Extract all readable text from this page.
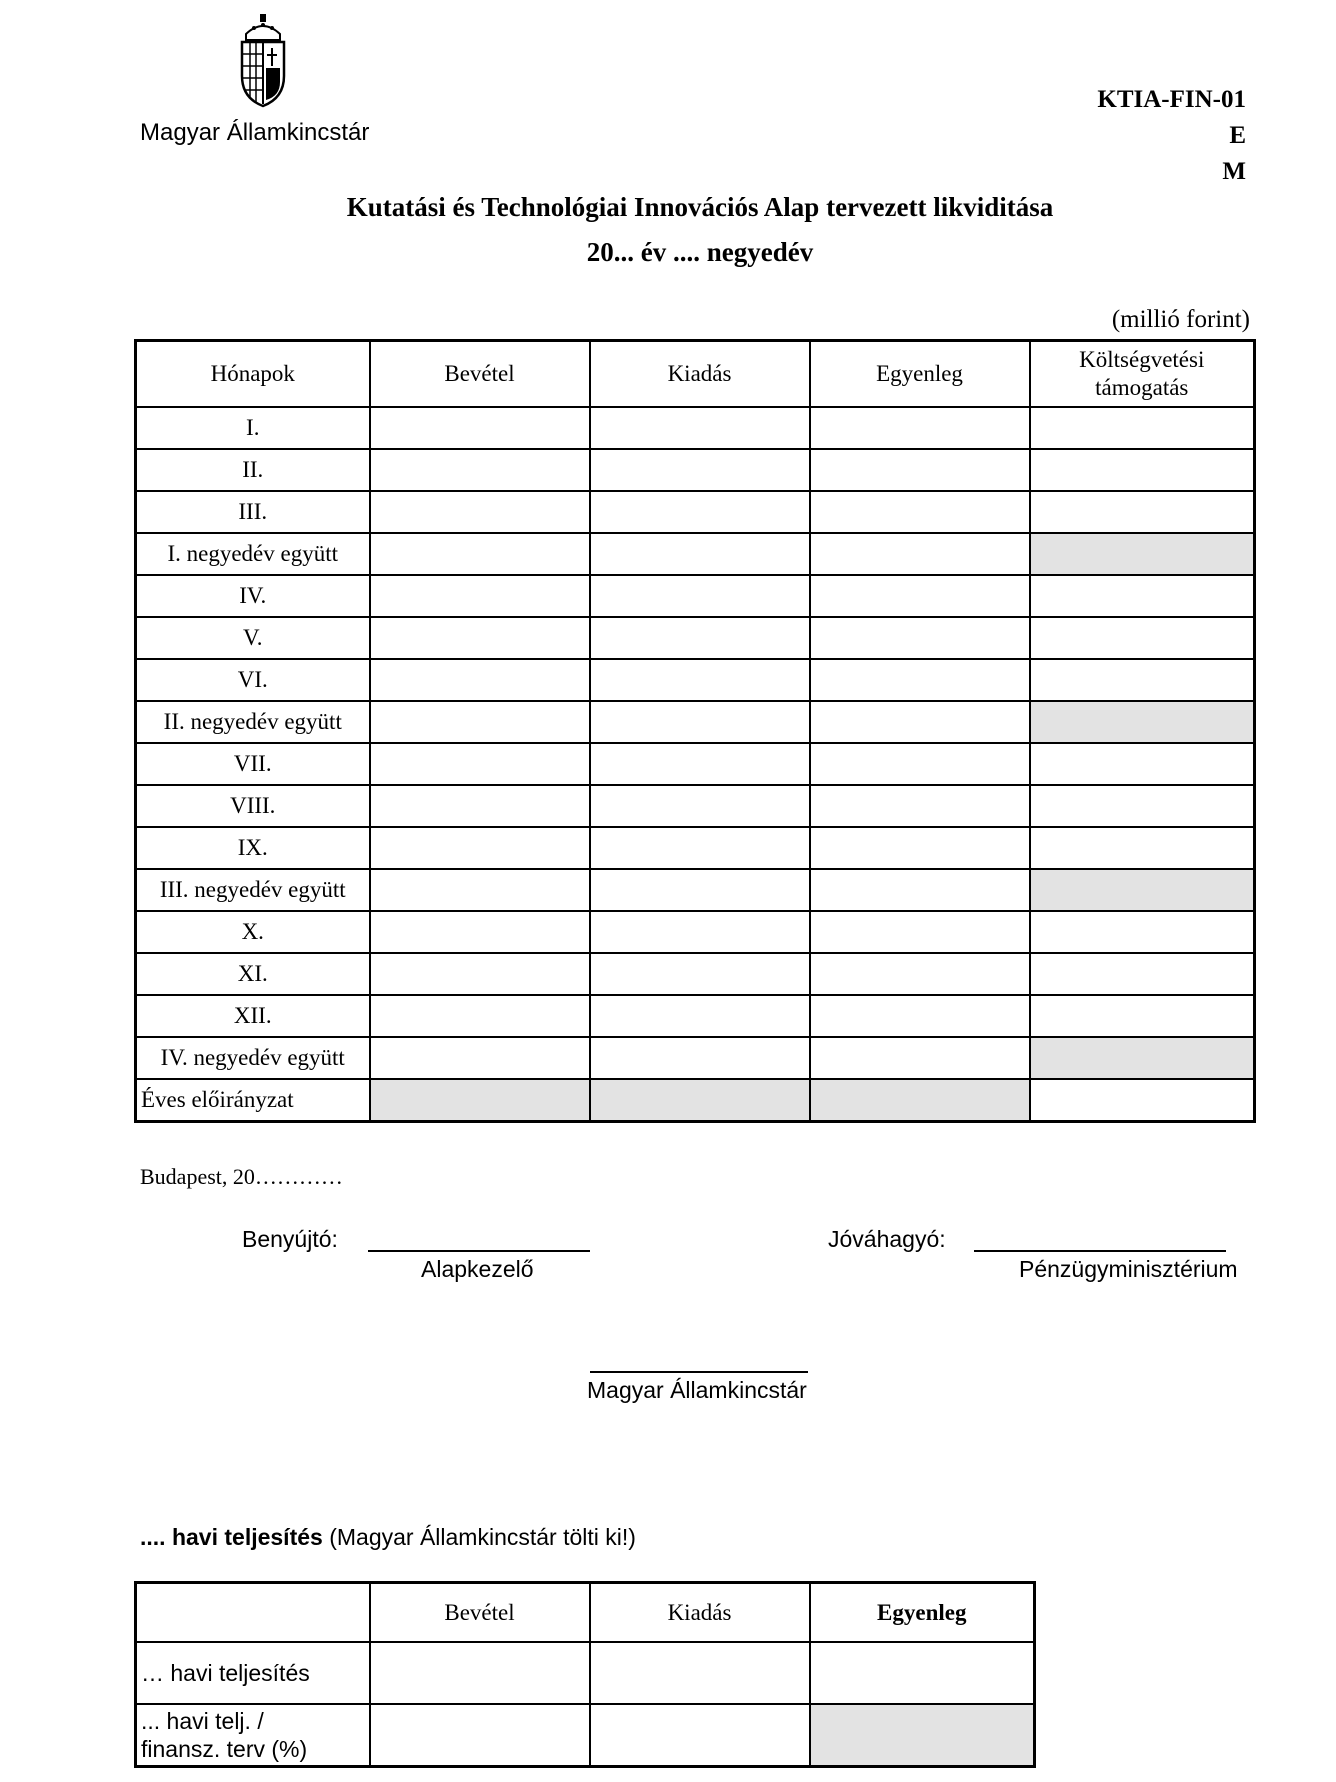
Magyar Államkincstár
KTIA-FIN-01
E
M
Kutatási és Technológiai Innovációs Alap tervezett likviditása
20... év .... negyedév
(millió forint)
Hónapok	Bevétel	Kiadás	Egyenleg	Költségvetési támogatás
I.				
II.				
III.				
I. negyedév együtt				
IV.				
V.				
VI.				
II. negyedév együtt				
VII.				
VIII.				
IX.				
III. negyedév együtt				
X.				
XI.				
XII.				
IV. negyedév együtt				
Éves előirányzat				
Budapest, 20…………
Benyújtó:
Alapkezelő
Jóváhagyó:
Pénzügyminisztérium
Magyar Államkincstár
.... havi teljesítés (Magyar Államkincstár tölti ki!)
	Bevétel	Kiadás	Egyenleg
… havi teljesítés			

... havi telj. /
finansz. terv (%)			
